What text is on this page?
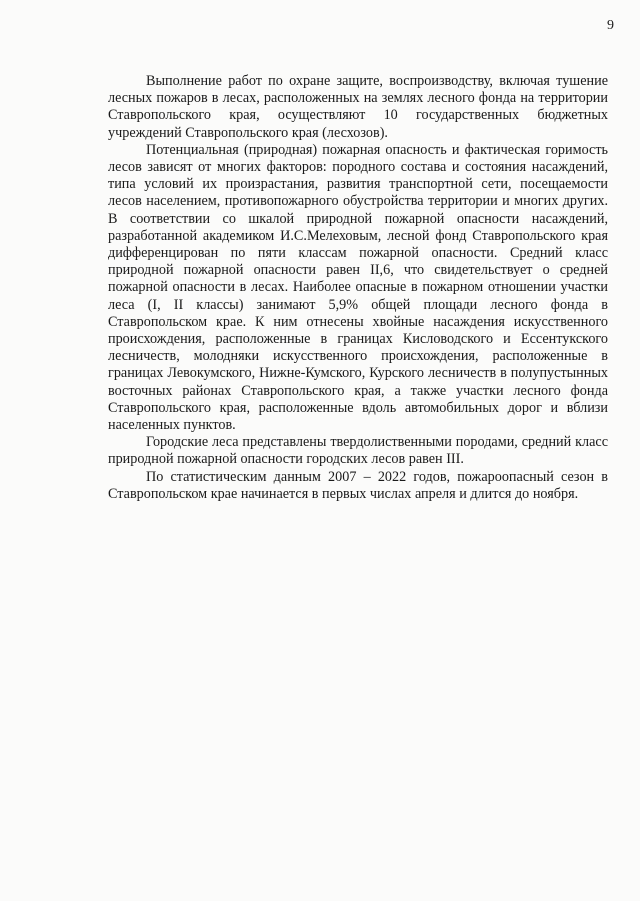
9

Выполнение работ по охране защите, воспроизводству, включая тушение лесных пожаров в лесах, расположенных на землях лесного фонда на территории Ставропольского края, осуществляют 10 государственных бюджетных учреждений Ставропольского края (лесхозов).

Потенциальная (природная) пожарная опасность и фактическая горимость лесов зависят от многих факторов: породного состава и состояния насаждений, типа условий их произрастания, развития транспортной сети, посещаемости лесов населением, противопожарного обустройства территории и многих других. В соответствии со шкалой природной пожарной опасности насаждений, разработанной академиком И.С.Мелеховым, лесной фонд Ставропольского края дифференцирован по пяти классам пожарной опасности. Средний класс природной пожарной опасности равен II,6, что свидетельствует о средней пожарной опасности в лесах. Наиболее опасные в пожарном отношении участки леса (I, II классы) занимают 5,9% общей площади лесного фонда в Ставропольском крае. К ним отнесены хвойные насаждения искусственного происхождения, расположенные в границах Кисловодского и Ессентукского лесничеств, молодняки искусственного происхождения, расположенные в границах Левокумского, Нижне-Кумского, Курского лесничеств в полупустынных восточных районах Ставропольского края, а также участки лесного фонда Ставропольского края, расположенные вдоль автомобильных дорог и вблизи населенных пунктов.

Городские леса представлены твердолиственными породами, средний класс природной пожарной опасности городских лесов равен III.

По статистическим данным 2007 – 2022 годов, пожароопасный сезон в Ставропольском крае начинается в первых числах апреля и длится до ноября.
